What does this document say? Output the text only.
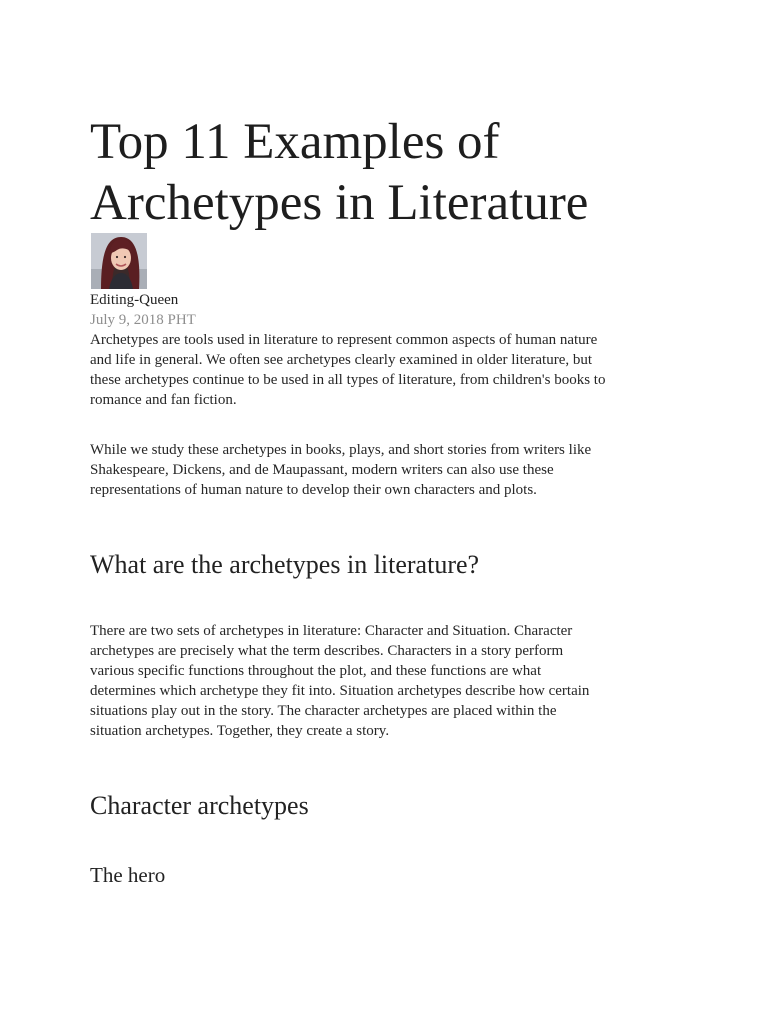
Top 11 Examples of
Archetypes in Literature
Editing-Queen
July 9, 2018 PHT

Archetypes are tools used in literature to represent common aspects of human nature
and life in general. We often see archetypes clearly examined in older literature, but
these archetypes continue to be used in all types of literature, from children's books to
romance and fan fiction.

While we study these archetypes in books, plays, and short stories from writers like
Shakespeare, Dickens, and de Maupassant, modern writers can also use these
representations of human nature to develop their own characters and plots.

What are the archetypes in literature?

There are two sets of archetypes in literature: Character and Situation. Character
archetypes are precisely what the term describes. Characters in a story perform
various specific functions throughout the plot, and these functions are what
determines which archetype they fit into. Situation archetypes describe how certain
situations play out in the story. The character archetypes are placed within the
situation archetypes. Together, they create a story.

Character archetypes
The hero
